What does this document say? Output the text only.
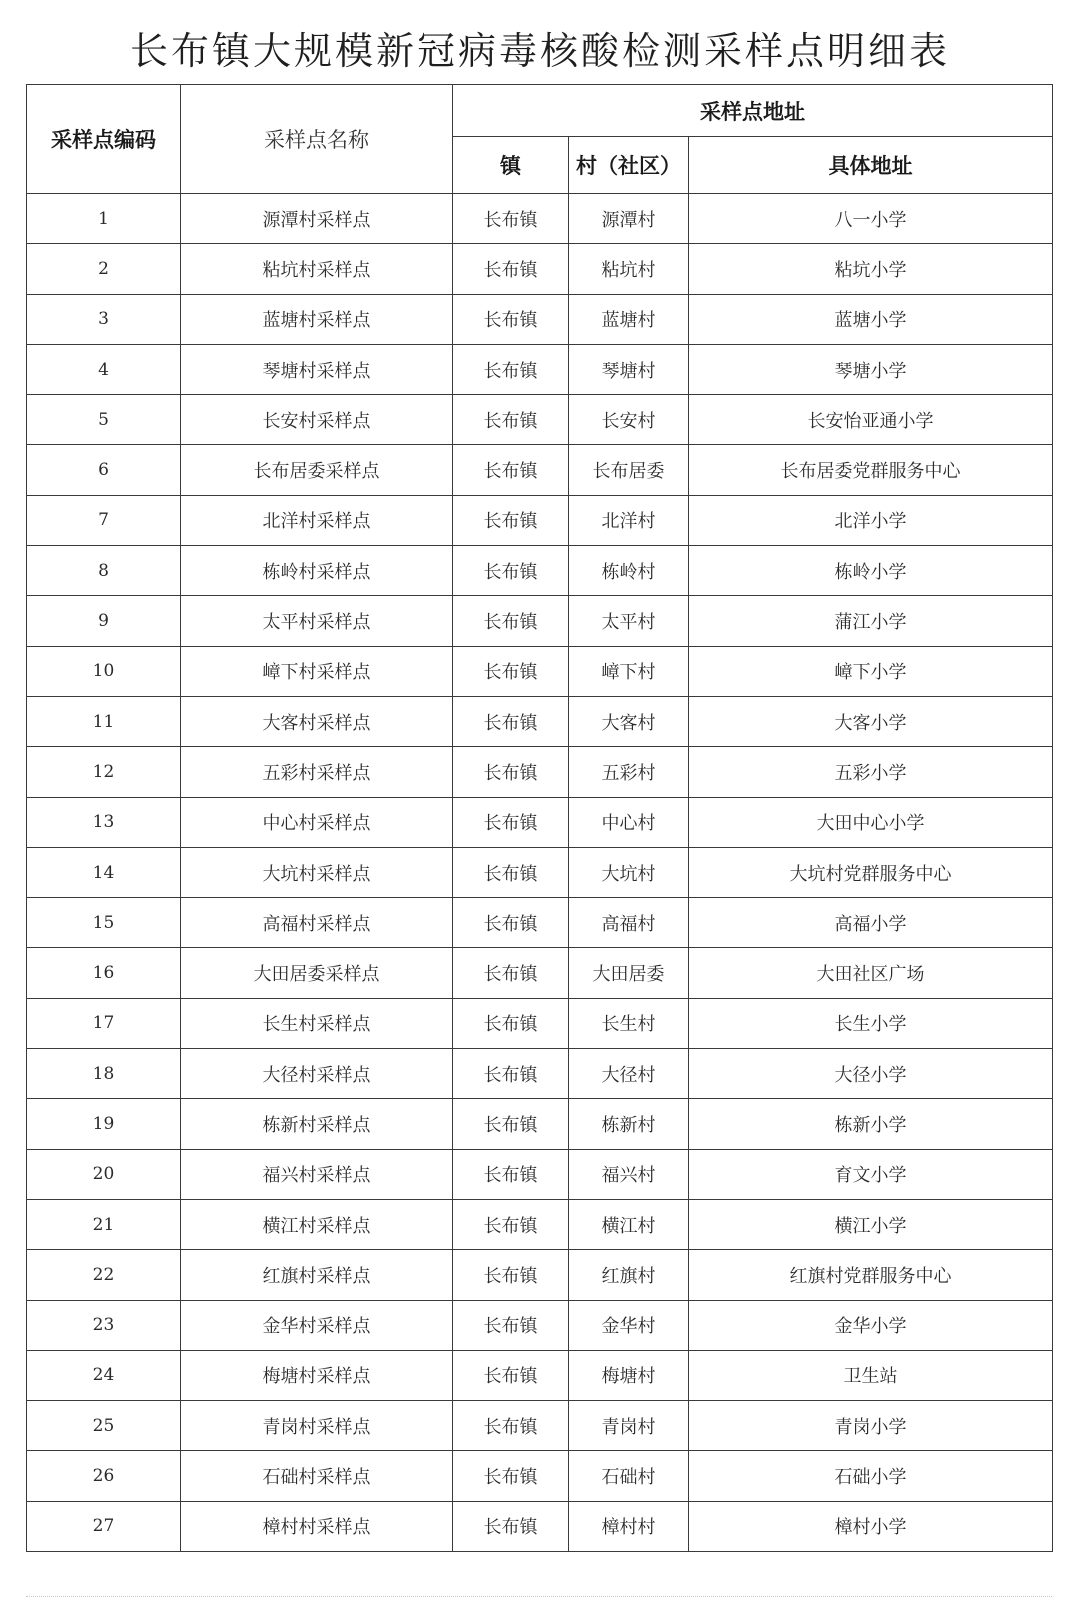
长布镇大规模新冠病毒核酸检测采样点明细表
采样点编码	采样点名称	采样点地址		
		镇	村（社区）	具体地址
1	源潭村采样点	长布镇	源潭村	八一小学
2	粘坑村采样点	长布镇	粘坑村	粘坑小学
3	蓝塘村采样点	长布镇	蓝塘村	蓝塘小学
4	琴塘村采样点	长布镇	琴塘村	琴塘小学
5	长安村采样点	长布镇	长安村	长安怡亚通小学
6	长布居委采样点	长布镇	长布居委	长布居委党群服务中心
7	北洋村采样点	长布镇	北洋村	北洋小学
8	栋岭村采样点	长布镇	栋岭村	栋岭小学
9	太平村采样点	长布镇	太平村	蒲江小学
10	嶂下村采样点	长布镇	嶂下村	嶂下小学
11	大客村采样点	长布镇	大客村	大客小学
12	五彩村采样点	长布镇	五彩村	五彩小学
13	中心村采样点	长布镇	中心村	大田中心小学
14	大坑村采样点	长布镇	大坑村	大坑村党群服务中心
15	高福村采样点	长布镇	高福村	高福小学
16	大田居委采样点	长布镇	大田居委	大田社区广场
17	长生村采样点	长布镇	长生村	长生小学
18	大径村采样点	长布镇	大径村	大径小学
19	栋新村采样点	长布镇	栋新村	栋新小学
20	福兴村采样点	长布镇	福兴村	育文小学
21	横江村采样点	长布镇	横江村	横江小学
22	红旗村采样点	长布镇	红旗村	红旗村党群服务中心
23	金华村采样点	长布镇	金华村	金华小学
24	梅塘村采样点	长布镇	梅塘村	卫生站
25	青岗村采样点	长布镇	青岗村	青岗小学
26	石础村采样点	长布镇	石础村	石础小学
27	樟村村采样点	长布镇	樟村村	樟村小学
